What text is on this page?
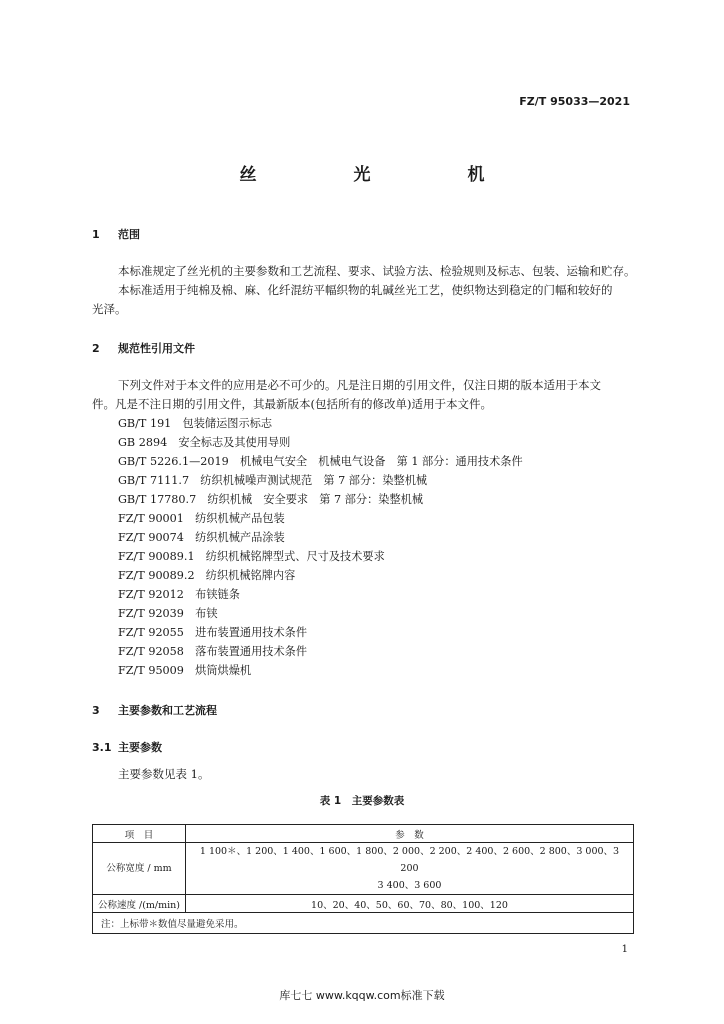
FZ/T 95033—2021
丝　光　机
1 范围
本标准规定了丝光机的主要参数和工艺流程、要求、试验方法、检验规则及标志、包装、运输和贮存。
本标准适用于纯棉及棉、麻、化纤混纺平幅织物的轧碱丝光工艺，使织物达到稳定的门幅和较好的
光泽。
2 规范性引用文件
下列文件对于本文件的应用是必不可少的。凡是注日期的引用文件，仅注日期的版本适用于本文
件。凡是不注日期的引用文件，其最新版本(包括所有的修改单)适用于本文件。
GB/T 191　 包装储运图示标志
GB 2894　 安全标志及其使用导则
GB/T 5226.1—2019　 机械电气安全　机械电气设备　第 1 部分：通用技术条件
GB/T 7111.7　 纺织机械噪声测试规范　第 7 部分：染整机械
GB/T 17780.7　 纺织机械　安全要求　第 7 部分：染整机械
FZ/T 90001　 纺织机械产品包装
FZ/T 90074　 纺织机械产品涂装
FZ/T 90089.1　 纺织机械铭牌型式、尺寸及技术要求
FZ/T 90089.2　 纺织机械铭牌内容
FZ/T 92012　 布铗链条
FZ/T 92039　 布铗
FZ/T 92055　 进布装置通用技术条件
FZ/T 92058　 落布装置通用技术条件
FZ/T 95009　 烘筒烘燥机
3 主要参数和工艺流程
3.1 主要参数
主要参数见表 1。
表 1　主要参数表
项　目	参　数
公称宽度 / mm	1 100＊、1 200、1 400、1 600、1 800、2 000、2 200、2 400、2 600、2 800、3 000、3 200
3 400、3 600

公称速度 /(m/min)	10、20、40、50、60、70、80、100、120
注：上标带＊数值尽量避免采用。	
1
库七七 www.kqqw.com标准下载
